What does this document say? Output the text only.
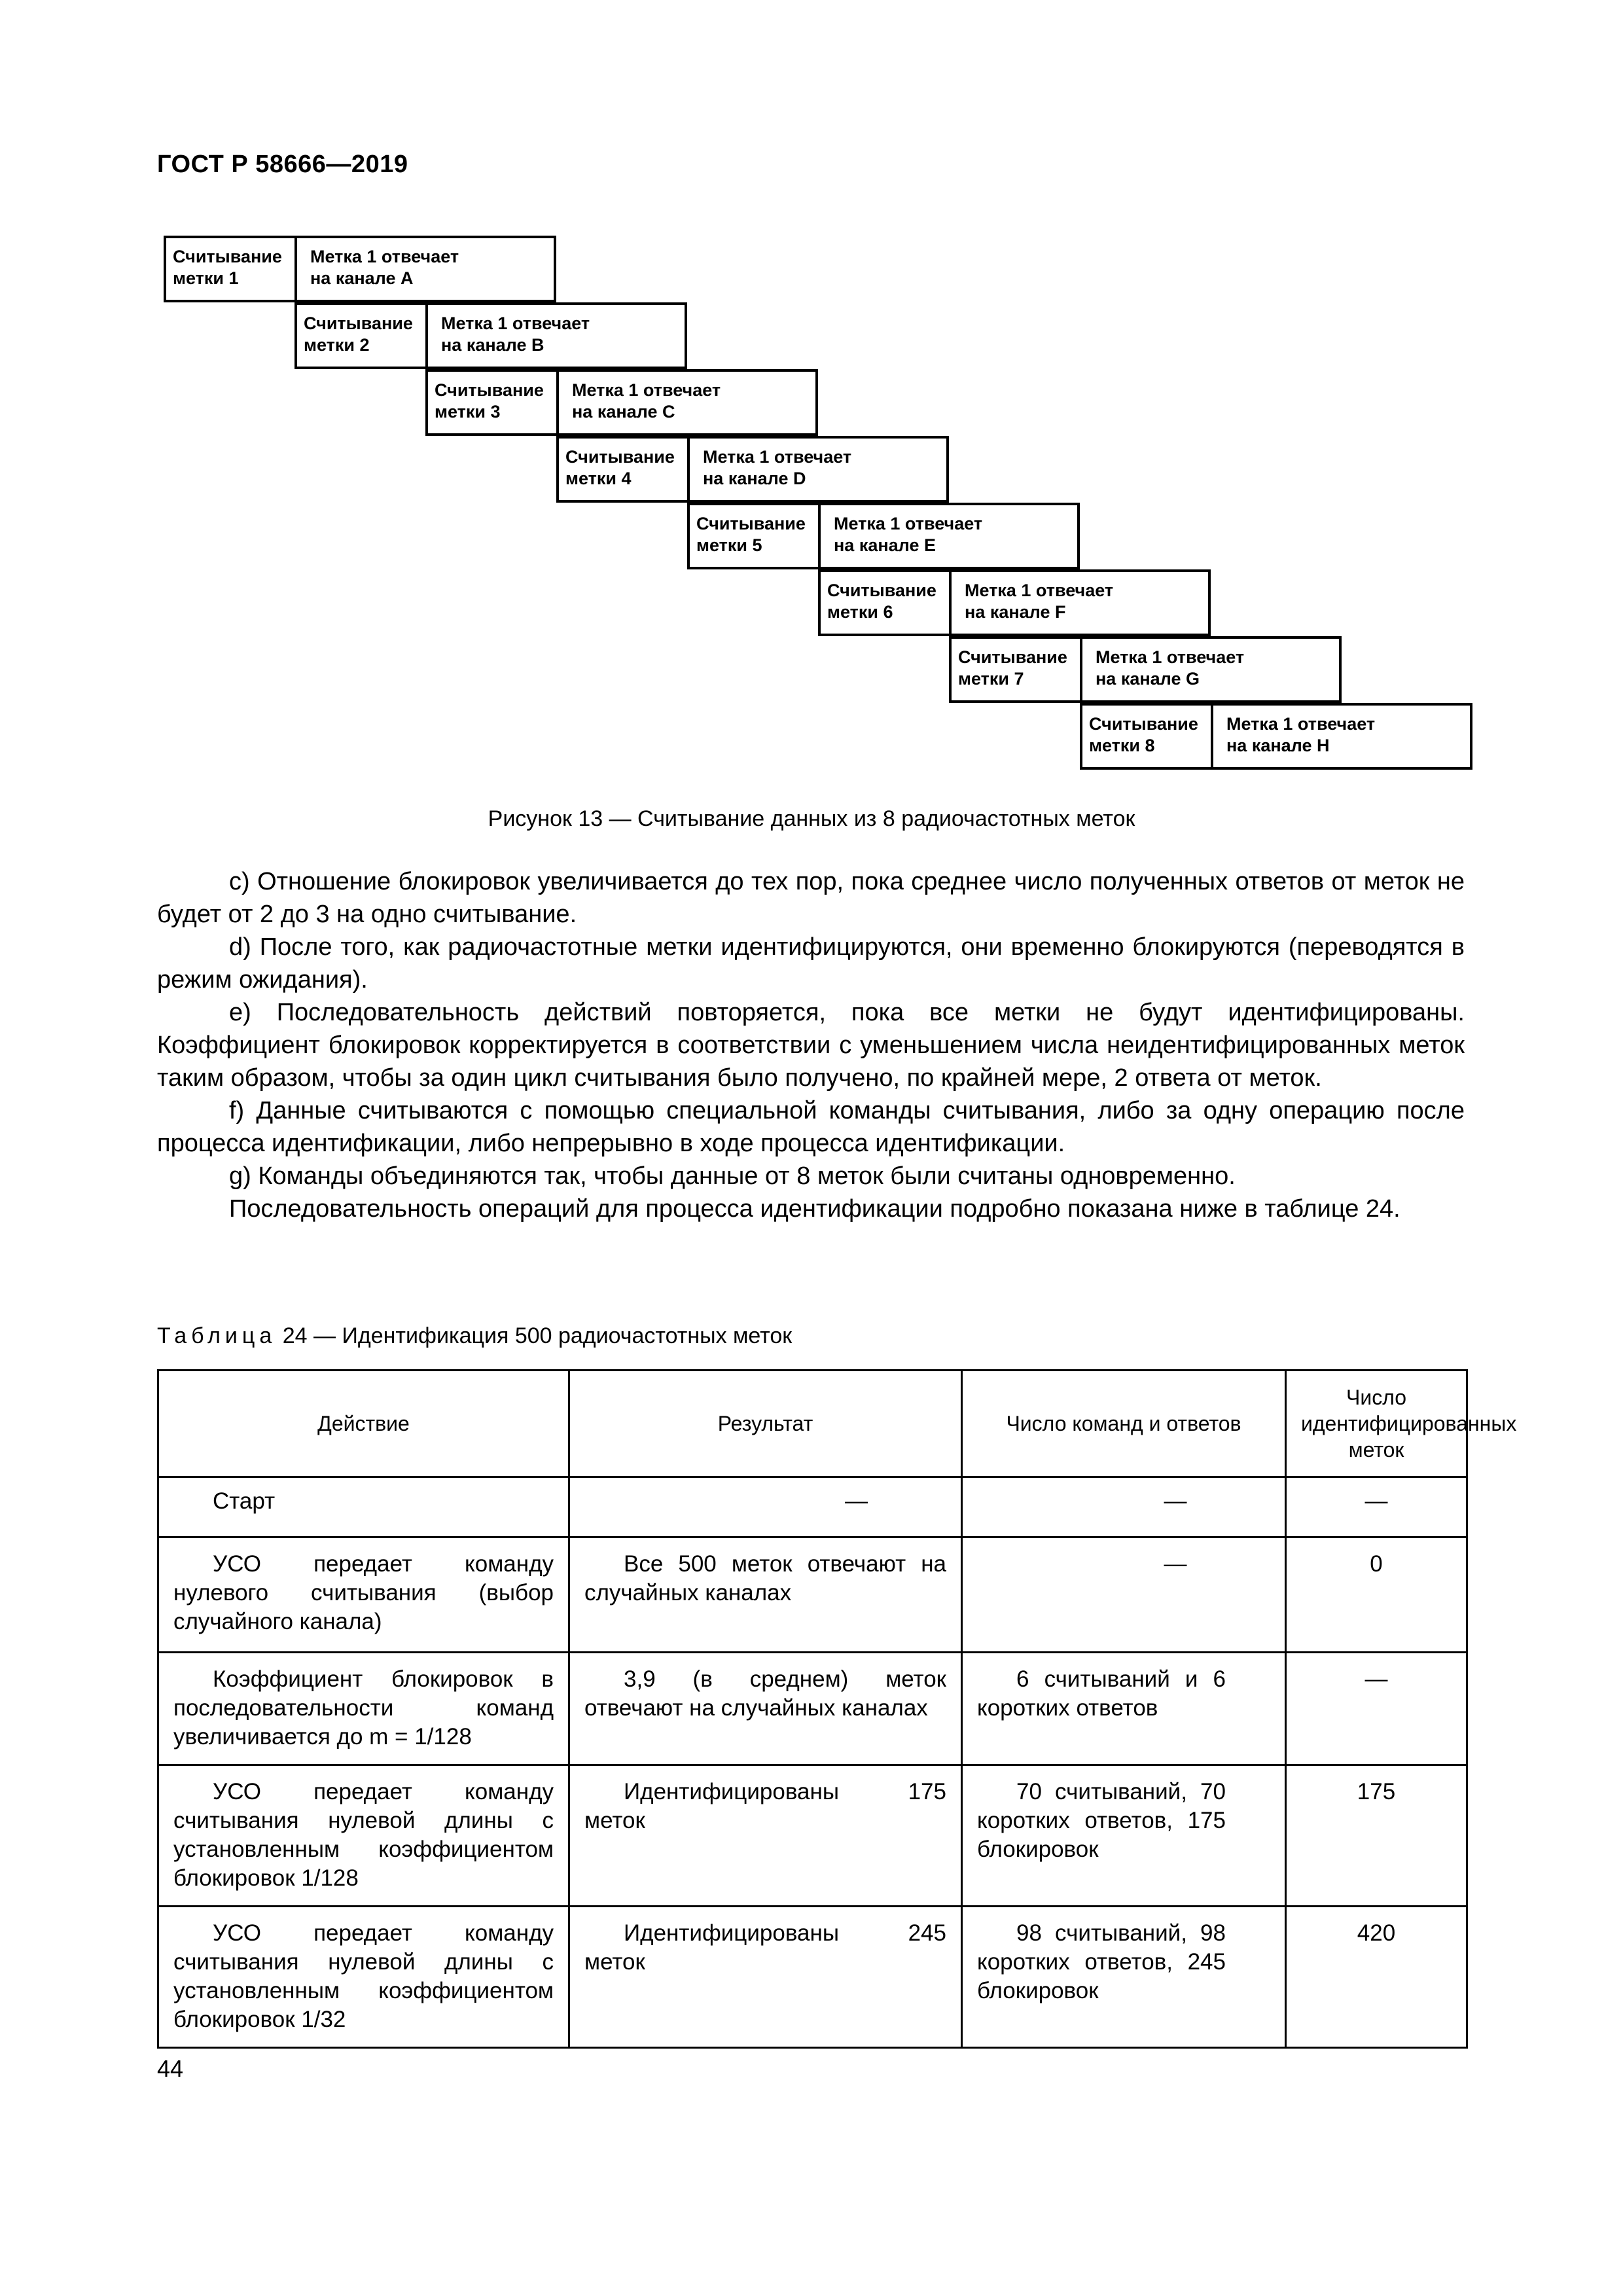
ГОСТ Р 58666—2019
Считывание
метки 1
Метка 1 отвечает
на канале А
Считывание
метки 2
Метка 1 отвечает
на канале В
Считывание
метки 3
Метка 1 отвечает
на канале С
Считывание
метки 4
Метка 1 отвечает
на канале D
Считывание
метки 5
Метка 1 отвечает
на канале Е
Считывание
метки 6
Метка 1 отвечает
на канале F
Считывание
метки 7
Метка 1 отвечает
на канале G
Считывание
метки 8
Метка 1 отвечает
на канале Н
Рисунок 13 — Считывание данных из 8 радиочастотных меток

с) Отношение блокировок увеличивается до тех пор, пока среднее число полученных ответов от меток не будет от 2 до 3 на одно считывание.

d) После того, как радиочастотные метки идентифицируются, они временно блокируются (переводятся в режим ожидания).

е) Последовательность действий повторяется, пока все метки не будут идентифицированы. Коэффициент блокировок корректируется в соответствии с уменьшением числа неидентифицированных меток таким образом, чтобы за один цикл считывания было получено, по крайней мере, 2 ответа от меток.

f) Данные считываются с помощью специальной команды считывания, либо за одну операцию после процесса идентификации, либо непрерывно в ходе процесса идентификации.

g) Команды объединяются так, чтобы данные от 8 меток были считаны одновременно.

Последовательность операций для процесса идентификации подробно показана ниже в таблице 24.

Таблица 24 — Идентификация 500 радиочастотных меток
Действие	Результат	Число команд и ответов	Число идентифицированных меток
Старт	—	—	—
УСО передает команду нулевого считывания (выбор случайного канала)	Все 500 меток отвечают на случайных каналах	—	0
Коэффициент блокировок в последовательности команд увеличивается до m = 1/128	3,9 (в среднем) меток отвечают на случайных каналах	6 считываний и 6 коротких ответов	—
УСО передает команду считывания нулевой длины с установленным коэффициентом блокировок 1/128	Идентифицированы 175 меток	70 считываний, 70 коротких ответов, 175 блокировок	175
УСО передает команду считывания нулевой длины с установленным коэффициентом блокировок 1/32	Идентифицированы 245 меток	98 считываний, 98 коротких ответов, 245 блокировок	420
44
